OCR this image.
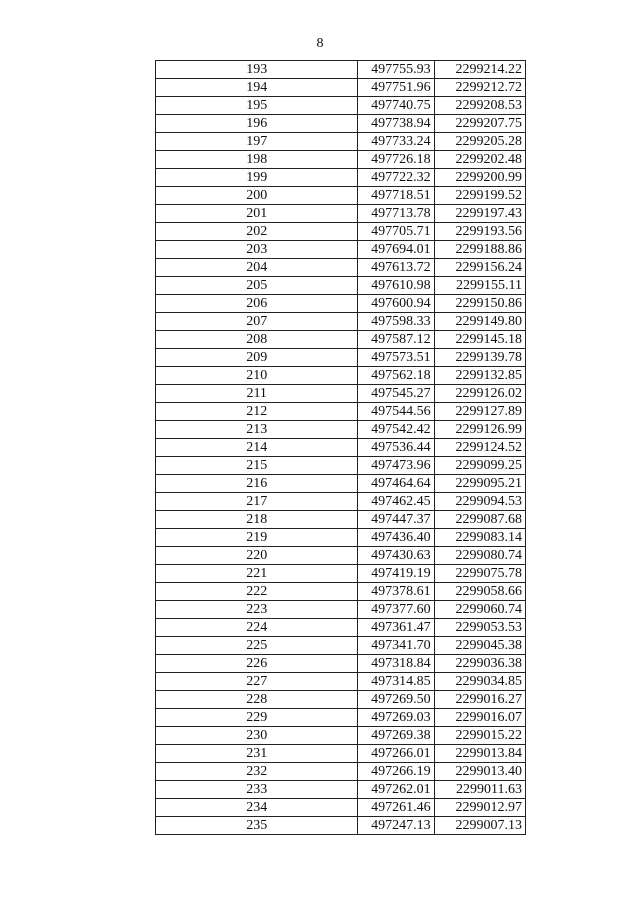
8
193	497755.93	2299214.22
194	497751.96	2299212.72
195	497740.75	2299208.53
196	497738.94	2299207.75
197	497733.24	2299205.28
198	497726.18	2299202.48
199	497722.32	2299200.99
200	497718.51	2299199.52
201	497713.78	2299197.43
202	497705.71	2299193.56
203	497694.01	2299188.86
204	497613.72	2299156.24
205	497610.98	2299155.11
206	497600.94	2299150.86
207	497598.33	2299149.80
208	497587.12	2299145.18
209	497573.51	2299139.78
210	497562.18	2299132.85
211	497545.27	2299126.02
212	497544.56	2299127.89
213	497542.42	2299126.99
214	497536.44	2299124.52
215	497473.96	2299099.25
216	497464.64	2299095.21
217	497462.45	2299094.53
218	497447.37	2299087.68
219	497436.40	2299083.14
220	497430.63	2299080.74
221	497419.19	2299075.78
222	497378.61	2299058.66
223	497377.60	2299060.74
224	497361.47	2299053.53
225	497341.70	2299045.38
226	497318.84	2299036.38
227	497314.85	2299034.85
228	497269.50	2299016.27
229	497269.03	2299016.07
230	497269.38	2299015.22
231	497266.01	2299013.84
232	497266.19	2299013.40
233	497262.01	2299011.63
234	497261.46	2299012.97
235	497247.13	2299007.13
